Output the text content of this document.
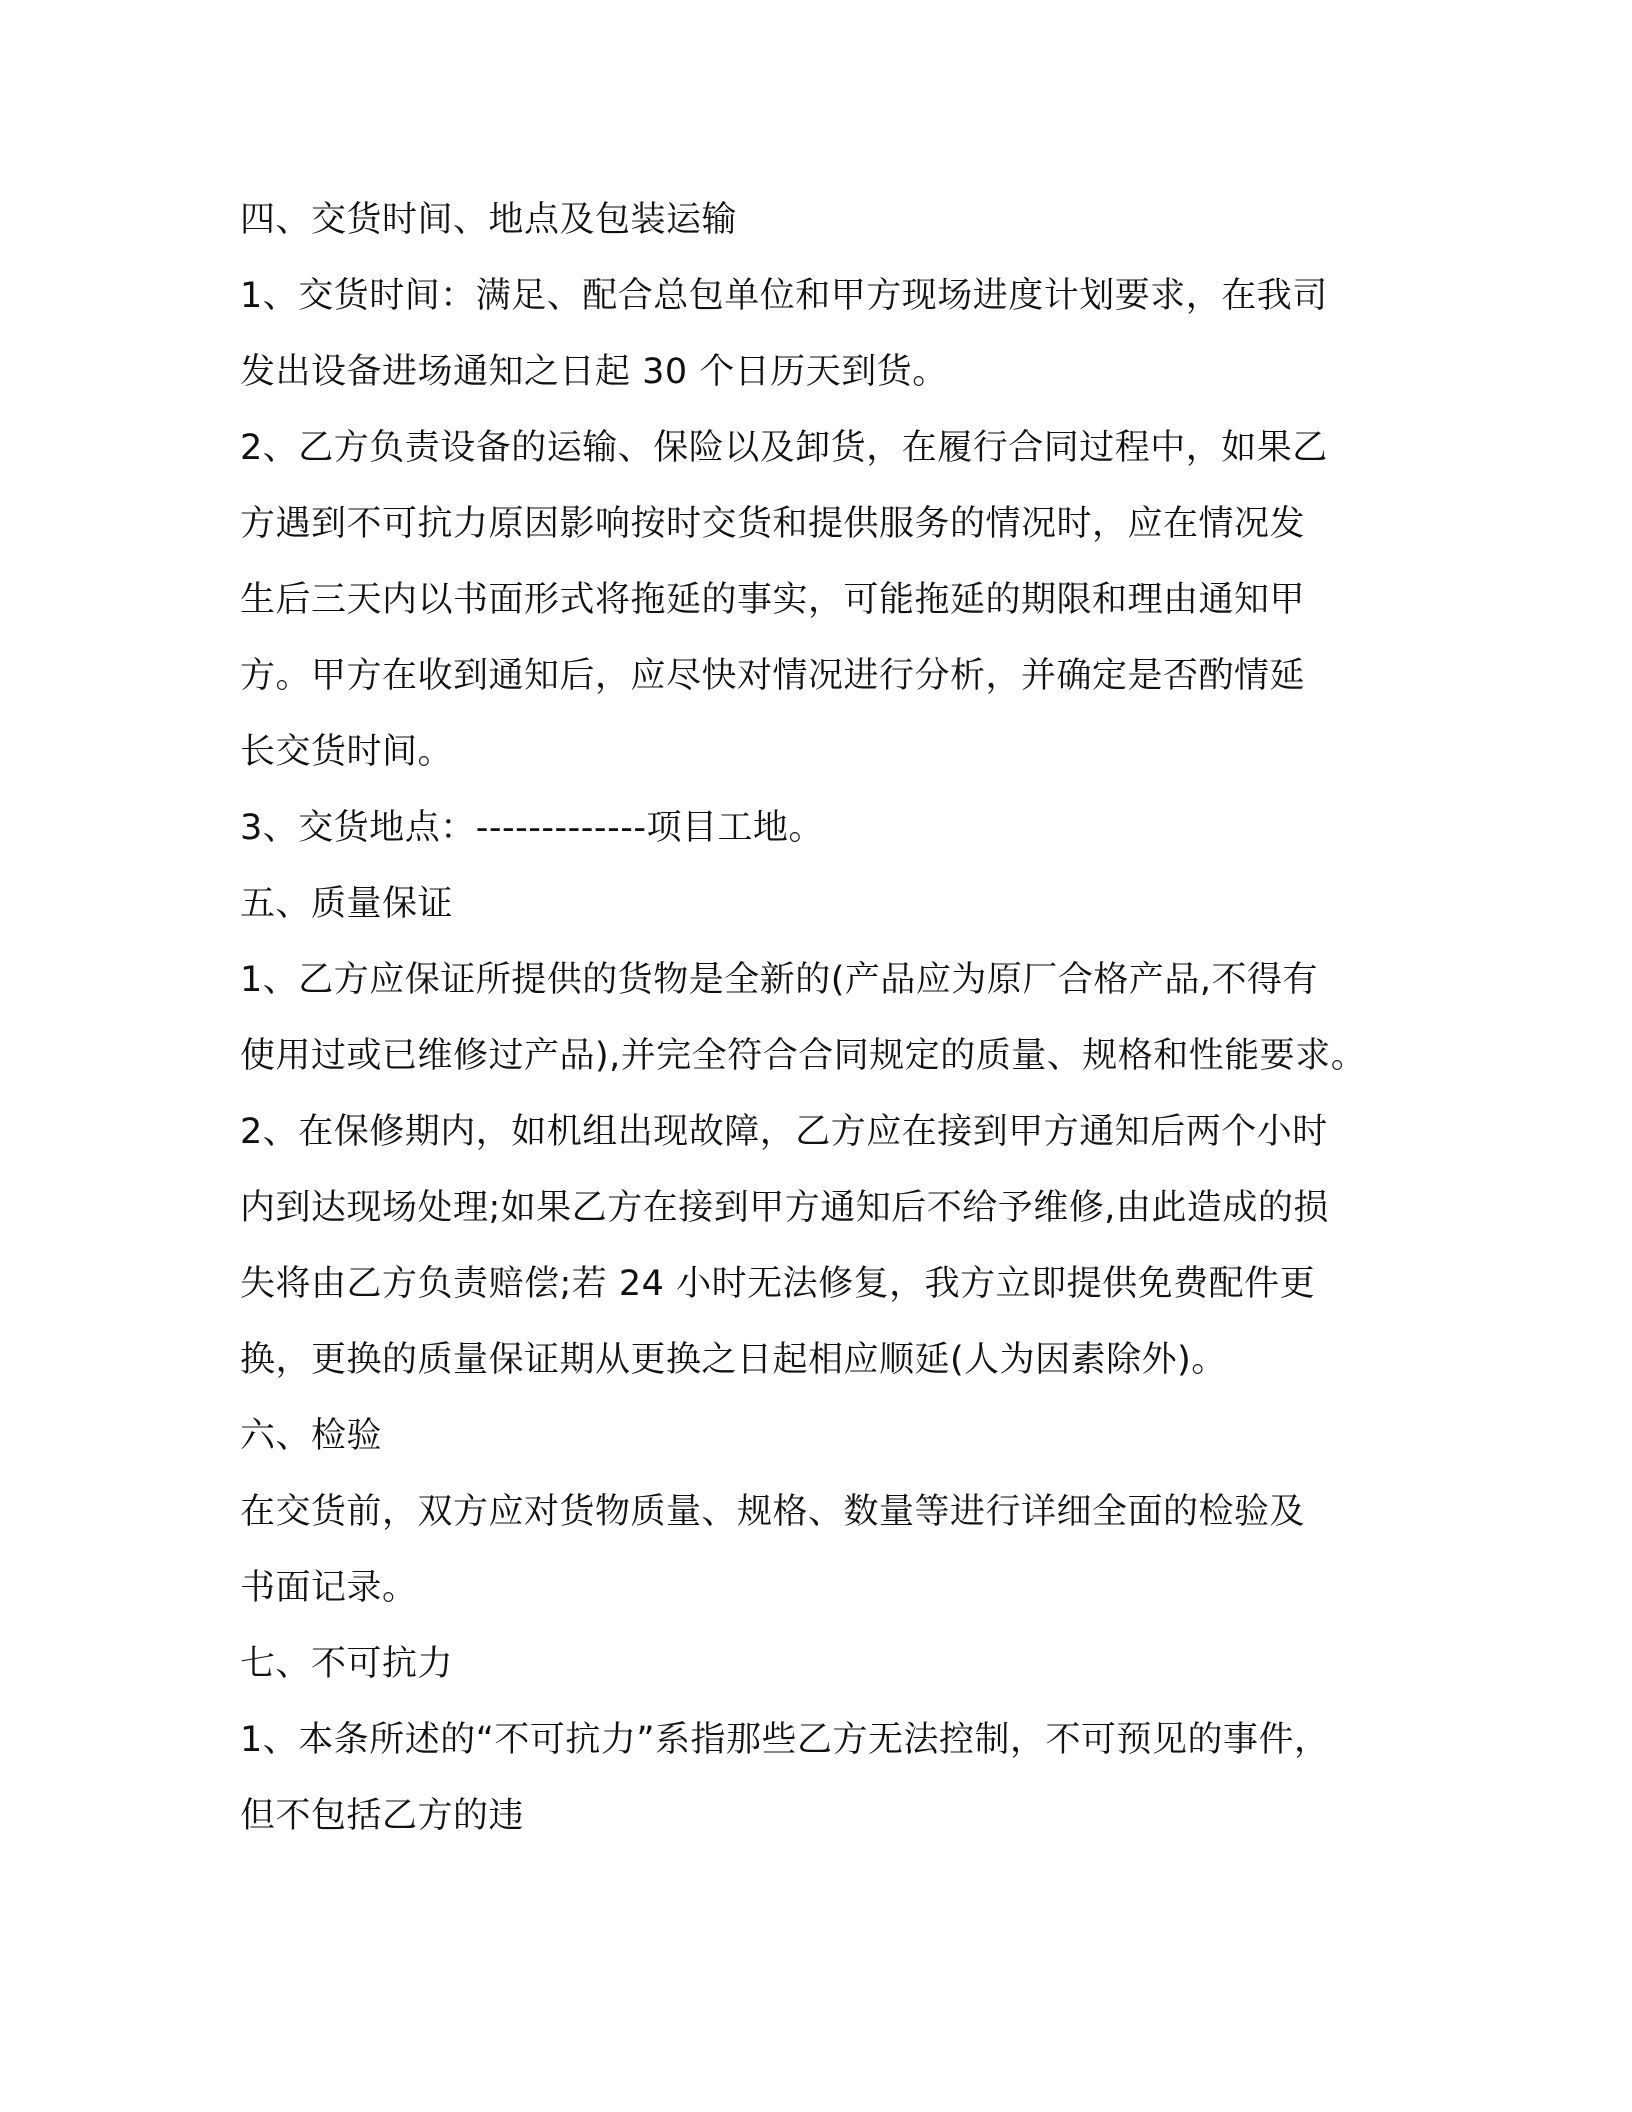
四、交货时间、地点及包装运输
1、交货时间：满足、配合总包单位和甲方现场进度计划要求，在我司
发出设备进场通知之日起 30 个日历天到货。
2、乙方负责设备的运输、保险以及卸货，在履行合同过程中，如果乙
方遇到不可抗力原因影响按时交货和提供服务的情况时，应在情况发
生后三天内以书面形式将拖延的事实，可能拖延的期限和理由通知甲
方。甲方在收到通知后，应尽快对情况进行分析，并确定是否酌情延
长交货时间。
3、交货地点：-------------项目工地。
五、质量保证
1、乙方应保证所提供的货物是全新的(产品应为原厂合格产品,不得有
使用过或已维修过产品),并完全符合合同规定的质量、规格和性能要求。
2、在保修期内，如机组出现故障，乙方应在接到甲方通知后两个小时
内到达现场处理;如果乙方在接到甲方通知后不给予维修,由此造成的损
失将由乙方负责赔偿;若 24 小时无法修复，我方立即提供免费配件更
换，更换的质量保证期从更换之日起相应顺延(人为因素除外)。
六、检验
在交货前，双方应对货物质量、规格、数量等进行详细全面的检验及
书面记录。
七、不可抗力
1、本条所述的“不可抗力”系指那些乙方无法控制，不可预见的事件，
但不包括乙方的违
